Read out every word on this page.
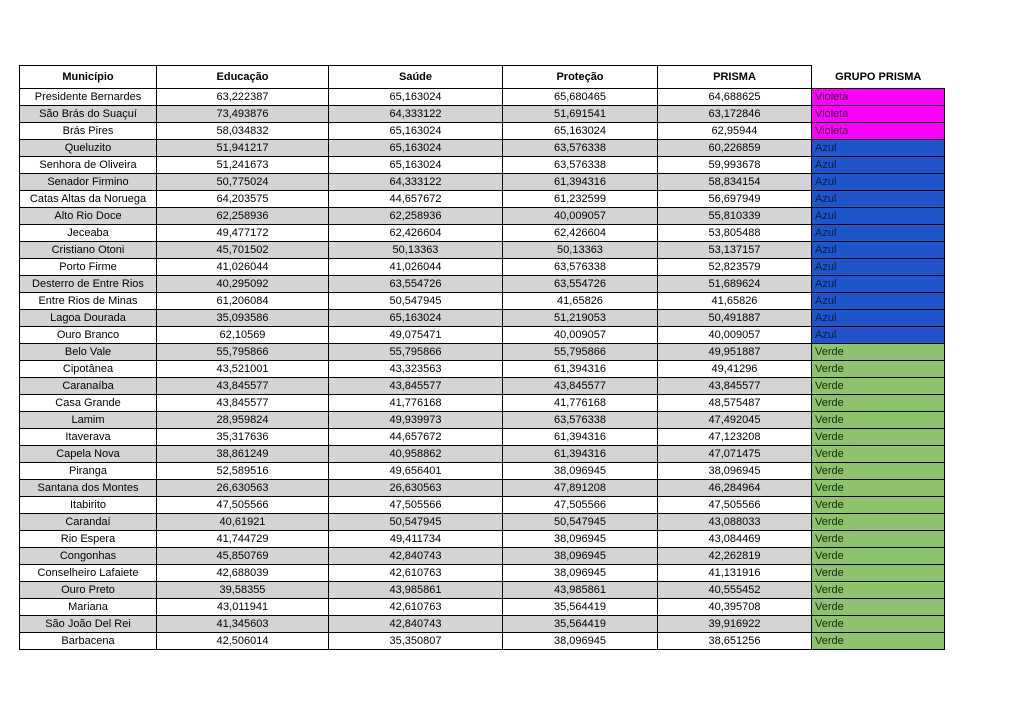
Município	Educação	Saúde	Proteção	PRISMA	GRUPO PRISMA
Presidente Bernardes	63,222387	65,163024	65,680465	64,688625	Violeta
São Brás do Suaçuí	73,493876	64,333122	51,691541	63,172846	Violeta
Brás Pires	58,034832	65,163024	65,163024	62,95944	Violeta
Queluzito	51,941217	65,163024	63,576338	60,226859	Azul
Senhora de Oliveira	51,241673	65,163024	63,576338	59,993678	Azul
Senador Firmino	50,775024	64,333122	61,394316	58,834154	Azul
Catas Altas da Noruega	64,203575	44,657672	61,232599	56,697949	Azul
Alto Rio Doce	62,258936	62,258936	40,009057	55,810339	Azul
Jeceaba	49,477172	62,426604	62,426604	53,805488	Azul
Cristiano Otoni	45,701502	50,13363	50,13363	53,137157	Azul
Porto Firme	41,026044	41,026044	63,576338	52,823579	Azul
Desterro de Entre Rios	40,295092	63,554726	63,554726	51,689624	Azul
Entre Rios de Minas	61,206084	50,547945	41,65826	41,65826	Azul
Lagoa Dourada	35,093586	65,163024	51,219053	50,491887	Azul
Ouro Branco	62,10569	49,075471	40,009057	40,009057	Azul
Belo Vale	55,795866	55,795866	55,795866	49,951887	Verde
Cipotânea	43,521001	43,323563	61,394316	49,41296	Verde
Caranaíba	43,845577	43,845577	43,845577	43,845577	Verde
Casa Grande	43,845577	41,776168	41,776168	48,575487	Verde
Lamim	28,959824	49,939973	63,576338	47,492045	Verde
Itaverava	35,317636	44,657672	61,394316	47,123208	Verde
Capela Nova	38,861249	40,958862	61,394316	47,071475	Verde
Piranga	52,589516	49,656401	38,096945	38,096945	Verde
Santana dos Montes	26,630563	26,630563	47,891208	46,284964	Verde
Itabirito	47,505566	47,505566	47,505566	47,505566	Verde
Carandaí	40,61921	50,547945	50,547945	43,088033	Verde
Rio Espera	41,744729	49,411734	38,096945	43,084469	Verde
Congonhas	45,850769	42,840743	38,096945	42,262819	Verde
Conselheiro Lafaiete	42,688039	42,610763	38,096945	41,131916	Verde
Ouro Preto	39,58355	43,985861	43,985861	40,555452	Verde
Mariana	43,011941	42,610763	35,564419	40,395708	Verde
São João Del Rei	41,345603	42,840743	35,564419	39,916922	Verde
Barbacena	42,506014	35,350807	38,096945	38,651256	Verde
